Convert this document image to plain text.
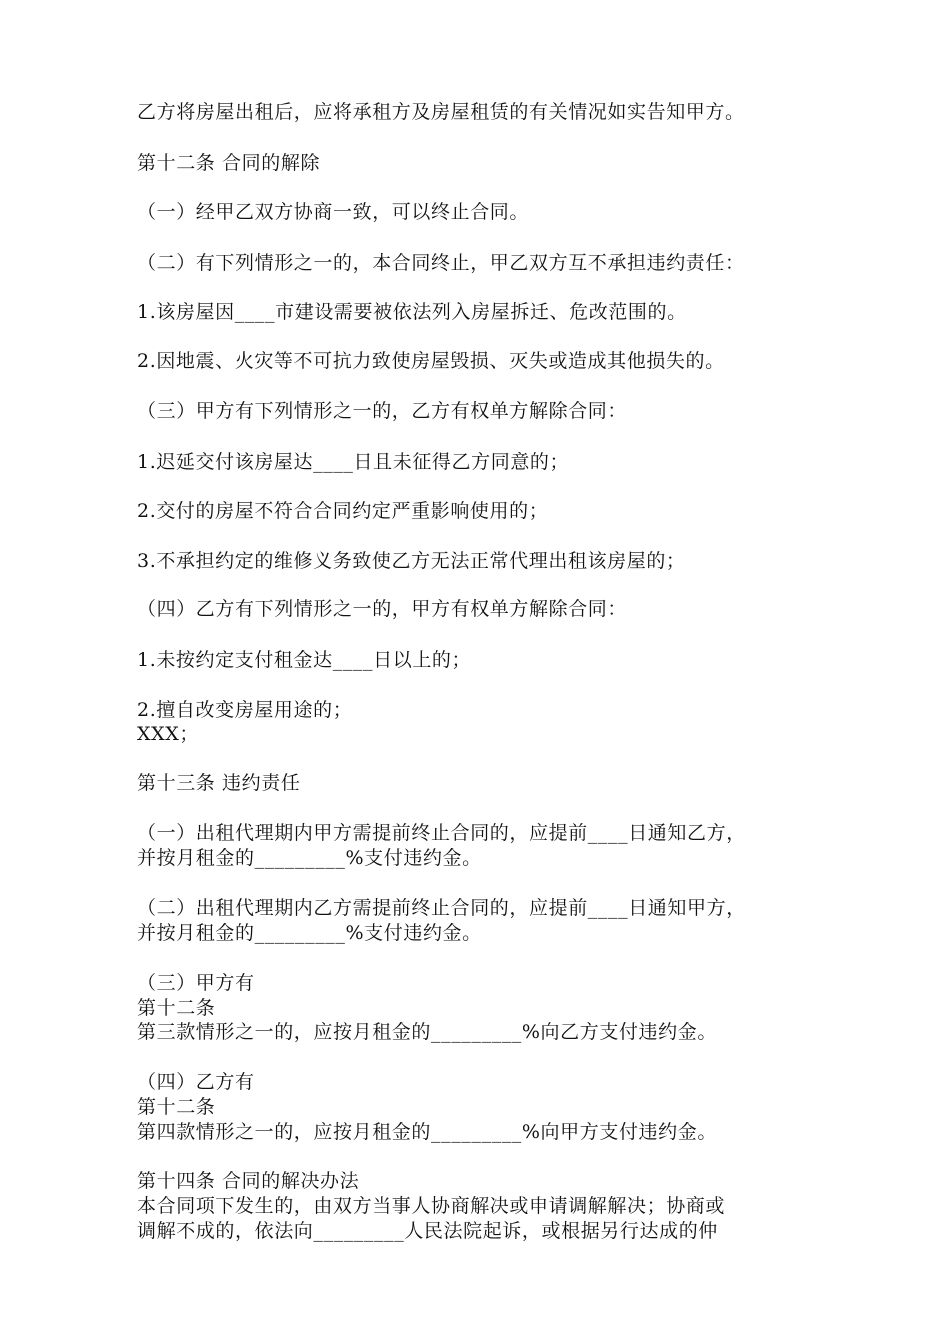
乙方将房屋出租后，应将承租方及房屋租赁的有关情况如实告知甲方。
第十二条 合同的解除
（一）经甲乙双方协商一致，可以终止合同。
（二）有下列情形之一的，本合同终止，甲乙双方互不承担违约责任：
1.该房屋因____市建设需要被依法列入房屋拆迁、危改范围的。
2.因地震、火灾等不可抗力致使房屋毁损、灭失或造成其他损失的。
（三）甲方有下列情形之一的，乙方有权单方解除合同：
1.迟延交付该房屋达____日且未征得乙方同意的；
2.交付的房屋不符合合同约定严重影响使用的；
3.不承担约定的维修义务致使乙方无法正常代理出租该房屋的；
（四）乙方有下列情形之一的，甲方有权单方解除合同：
1.未按约定支付租金达____日以上的；
2.擅自改变房屋用途的；
XXX；
第十三条 违约责任
（一）出租代理期内甲方需提前终止合同的，应提前____日通知乙方，
并按月租金的_________%支付违约金。
（二）出租代理期内乙方需提前终止合同的，应提前____日通知甲方，
并按月租金的_________%支付违约金。
（三）甲方有
第十二条
第三款情形之一的，应按月租金的_________%向乙方支付违约金。
（四）乙方有
第十二条
第四款情形之一的，应按月租金的_________%向甲方支付违约金。
第十四条 合同的解决办法
本合同项下发生的，由双方当事人协商解决或申请调解解决；协商或
调解不成的，依法向_________人民法院起诉，或根据另行达成的仲
